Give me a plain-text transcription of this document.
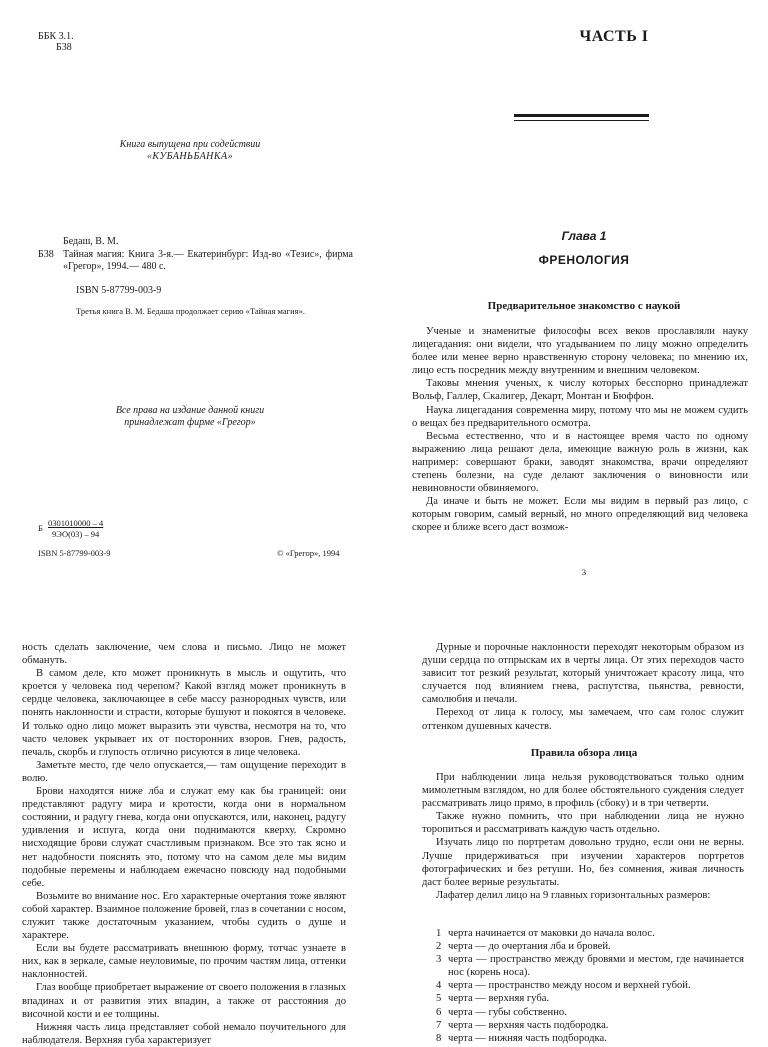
ББК 3.1.
Б38
Книга выпущена при содействии
«КУБАНЬБАНКА»
Бедаш, В. М.
Б38 Тайная магия: Книга 3-я.— Екатеринбург: Изд-во «Тезис», фирма «Грегор», 1994.— 480 с.
ISBN 5-87799-003-9
Третья книга В. М. Бедаша продолжает серию «Тайная магия».
Все права на издание данной книги
принадлежат фирме «Грегор»
Б 0301010000 – 4
9ЭО(03) – 94
ISBN 5-87799-003-9	© «Грегор», 1994
ЧАСТЬ I
Глава 1
ФРЕНОЛОГИЯ
Предварительное знакомство с наукой

Ученые и знаменитые философы всех веков прославляли науку лицегадания: они видели, что угадыванием по лицу можно определить более или менее верно нравственную сторону человека; по мнению их, лицо есть посредник между внутренним и внешним человеком.

Таковы мнения ученых, к числу которых бесспорно принадлежат Вольф, Галлер, Скалигер, Декарт, Монтан и Бюффон.

Наука лицегадания современна миру, потому что мы не можем судить о вещах без предварительного осмотра.

Весьма естественно, что и в настоящее время часто по одному выражению лица решают дела, имеющие важную роль в жизни, как например: совершают браки, заводят знакомства, врачи определяют степень болезни, на суде делают заключения о виновности или невиновности обвиняемого.

Да иначе и быть не может. Если мы видим в первый раз лицо, с которым говорим, самый верный, но много определяющий вид человека скорее и ближе всего даст возмож-

3

ность сделать заключение, чем слова и письмо. Лицо не может обмануть.

В самом деле, кто может проникнуть в мысль и ощутить, что кроется у человека под черепом? Какой взгляд может проникнуть в сердце человека, заключающее в себе массу разнородных чувств, или понять наклонности и страсти, которые бушуют и покоятся в человеке. И только одно лицо может выразить эти чувства, несмотря на то, что часто человек укрывает их от посторонних взоров. Гнев, радость, печаль, скорбь и глупость отлично рисуются в лице человека.

Заметьте место, где чело опускается,— там ощущение переходит в волю.

Брови находятся ниже лба и служат ему как бы границей: они представляют радугу мира и кротости, когда они в нормальном состоянии, и радугу гнева, когда они опускаются, или, наконец, радугу удивления и испуга, когда они поднимаются кверху. Скромно нисходящие брови служат счастливым признаком. Все это так ясно и нет надобности пояснять это, потому что на самом деле мы видим подобные перемены и наблюдаем ежечасно повсюду над подобными себе.

Возьмите во внимание нос. Его характерные очертания тоже являют собой характер. Взаимное положение бровей, глаз в сочетании с носом, служит также достаточным указанием, чтобы судить о душе и характере.

Если вы будете рассматривать внешнюю форму, тотчас узнаете в них, как в зеркале, самые неуловимые, по прочим частям лица, оттенки наклонностей.

Глаз вообще приобретает выражение от своего положения в глазных впадинах и от развития этих впадин, а также от расстояния до височной кости и ее толщины.

Нижняя часть лица представляет собой немало поучительного для наблюдателя. Верхняя губа характеризует

Дурные и порочные наклонности переходят некоторым образом из души сердца по отпрыскам их в черты лица. От этих переходов часто зависит тот резкий результат, который уничтожает красоту лица, что случается под влиянием гнева, распутства, пьянства, ревности, самолюбия и печали.

Переход от лица к голосу, мы замечаем, что сам голос служит оттенком душевных качеств.

Правила обзора лица

При наблюдении лица нельзя руководствоваться только одним мимолетным взглядом, но для более обстоятельного суждения следует рассматривать лицо прямо, в профиль (сбоку) и в три четверти.

Также нужно помнить, что при наблюдении лица не нужно торопиться и рассматривать каждую часть отдельно.

Изучать лицо по портретам довольно трудно, если они не верны. Лучше придерживаться при изучении характеров портретов фотографических и без ретуши. Но, без сомнения, живая личность даст более верные результаты.

Лафатер делил лицо на 9 главных горизонтальных размеров:

1 черта начинается от маковки до начала волос.
2 черта — до очертания лба и бровей.
3 черта — пространство между бровями и местом, где начинается нос (корень носа).
4 черта — пространство между носом и верхней губой.
5 черта — верхняя губа.
6 черта — губы собственно.
7 черта — верхняя часть подбородка.
8 черта — нижняя часть подбородка.
